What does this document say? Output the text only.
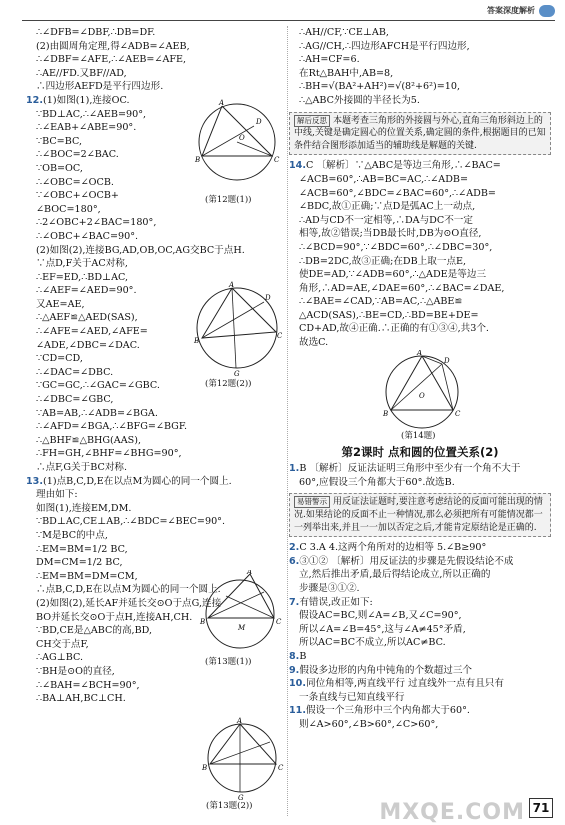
答案深度解析
∴∠DFB=∠DBF,∴DB=DF.
(2)由圆周角定理,得∠ADB=∠AEB,
∴∠DBF=∠AFE,∴∠AEB=∠AFE,
∴AE//FD.又BF//AD,
∴四边形AEFD是平行四边形.
12.(1)如图(1),连接OC.
∵BD⊥AC,∴∠AEB=90°,
∴∠EAB+∠ABE=90°.
∵BC=BC,
∴∠BOC=2∠BAC.
∵OB=OC,
∴∠OBC=∠OCB.
∵∠OBC+∠OCB+
∠BOC=180°,
∴2∠OBC+2∠BAC=180°,
∴∠OBC+∠BAC=90°.
(2)如图(2),连接BG,AD,OB,OC,AG交BC于点H.
∵点D,F关于AC对称,
∴EF=ED,∴BD⊥AC,
∴∠AEF=∠AED=90°.
又AE=AE,
∴△AEF≌△AED(SAS),
∴∠AFE=∠AED,∠AFE=
∠ADE,∠DBC=∠DAC.
∵CD=CD,
∴∠DAC=∠DBC.
∵GC=GC,∴∠GAC=∠GBC.
∴∠DBC=∠GBC,
∵AB=AB,∴∠ADB=∠BGA.
∴∠AFD=∠BGA,∴∠BFG=∠BGF.
∴△BHF≌△BHG(AAS),
∴FH=GH,∠BHF=∠BHG=90°,
∴点F,G关于BC对称.
13.(1)点B,C,D,E在以点M为圆心的同一个圆上.
理由如下:
如图(1),连接EM,DM.
∵BD⊥AC,CE⊥AB,∴∠BDC=∠BEC=90°.
∵M是BC的中点,
∴EM=BM=1/2 BC,
DM=CM=1/2 BC,
∴EM=BM=DM=CM,
∴点B,C,D,E在以点M为圆心的同一个圆上.
(2)如图(2),延长AF并延长交⊙O于点G,连接
BO并延长交⊙O于点H,连接AH,CH.
∵BD,CE是△ABC的高,BD,
CH交于点F,
∴AG⊥BC.
∵BH是⊙O的直径,
∴∠BAH=∠BCH=90°,
∴BA⊥AH,BC⊥CH.
∴AH//CF,∵CE⊥AB,
∴AG//CH,∴四边形AFCH是平行四边形,
∴AH=CF=6.
在Rt△BAH中,AB=8,
∴BH=√(BA²+AH²)=√(8²+6²)=10,
∴△ABC外接圆的半径长为5.
解后反思 本题考查三角形的外接圆与外心,直角三角形斜边上的中线,关键是确定圆心的位置关系,确定圆的条件,根据题目的已知条件结合图形添加适当的辅助线是解题的关键.
14.C 〔解析〕∵△ABC是等边三角形,∴∠BAC=
∠ACB=60°,∴AB=BC=AC,∴∠ADB=
∠ACB=60°,∠BDC=∠BAC=60°,∴∠ADB=
∠BDC,故①正确;∵点D是弧AC上一动点,
∴AD与CD不一定相等,∴DA与DC不一定
相等,故②错误;当DB最长时,DB为⊙O直径,
∴∠BCD=90°,∵∠BDC=60°,∴∠DBC=30°,
∴DB=2DC,故③正确;在DB上取一点E,
使DE=AD,∵∠ADB=60°,∴△ADE是等边三
角形,∴AD=AE,∠DAE=60°,∴∠BAC=∠DAE,
∴∠BAE=∠CAD,∵AB=AC,∴△ABE≌
△ACD(SAS),∴BE=CD,∴BD=BE+DE=
CD+AD,故④正确.∴正确的有①③④,共3个.
故选C.
A
D
B	C
O
(第14题)
第2课时 点和圆的位置关系(2)
1.B 〔解析〕反证法证明三角形中至少有一个角不大于
60°,应假设三个角都大于60°.故选B.
易错警示 用反证法证题时,要注意考虑结论的反面可能出现的情况.如果结论的反面不止一种情况,那么必须把所有可能情况都一一列举出来,并且一一加以否定之后,才能肯定原结论是正确的.
2.C 3.A 4.这两个角所对的边相等 5.∠B≥90°
6.③①② 〔解析〕用反证法的步骤是先假设结论不成
立,然后推出矛盾,最后得结论成立,所以正确的
步骤是③①②.
7.有错误,改正如下:
假设AC=BC,则∠A=∠B,又∠C=90°,
所以∠A=∠B=45°,这与∠A≠45°矛盾,
所以AC=BC不成立,所以AC≠BC.
8.B
9.假设多边形的内角中钝角的个数超过三个
10.同位角相等,两直线平行 过直线外一点有且只有
一条直线与已知直线平行
11.假设一个三角形中三个内角都大于60°.
则∠A>60°,∠B>60°,∠C>60°,
A
B	C
D
O
(第12题(1))
A
B
C
G
D
(第12题(2))
A
B	C
M
(第13题(1))
A
B	C
G
(第13题(2))	MXQE.COM 71
